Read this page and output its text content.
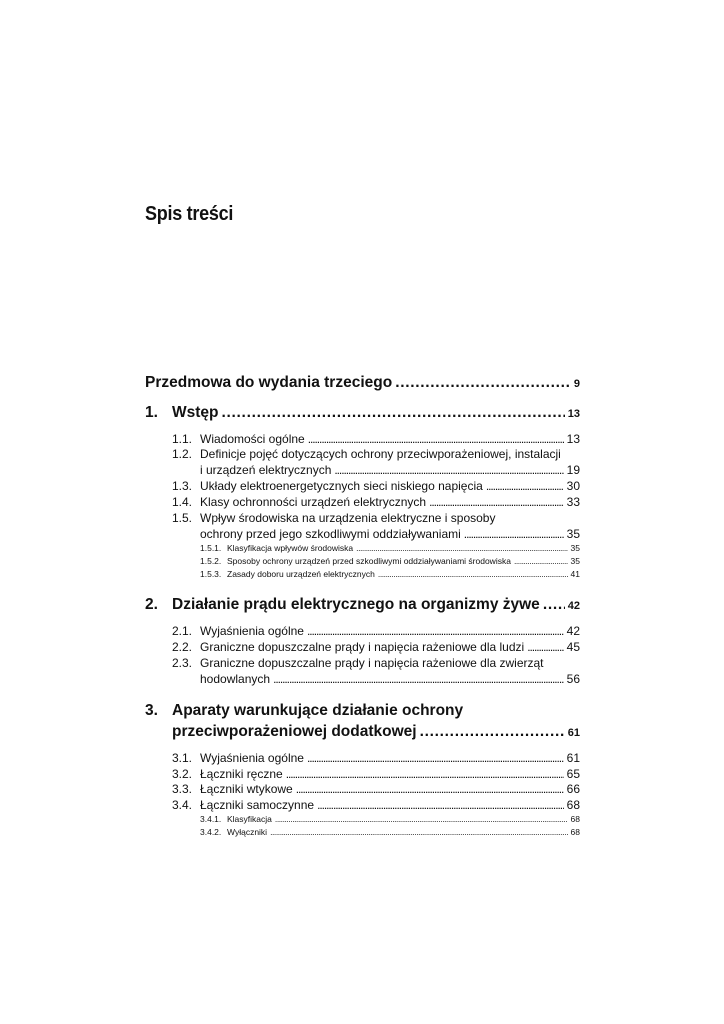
Spis treści
Przedmowa do wydania trzeciego . . .	9
1. Wstęp . . .	13
1.1. Wiadomości ogólne . . .	13
1.2. Definicje pojęć dotyczących ochrony przeciwporażeniowej, instalacji
i urządzeń elektrycznych . . .	19
1.3. Układy elektroenergetycznych sieci niskiego napięcia . . .	30
1.4. Klasy ochronności urządzeń elektrycznych . . .	33
1.5. Wpływ środowiska na urządzenia elektryczne i sposoby
ochrony przed jego szkodliwymi oddziaływaniami . . .	35
1.5.1. Klasyfikacja wpływów środowiska . . .	35
1.5.2. Sposoby ochrony urządzeń przed szkodliwymi oddziaływaniami środowiska . . .	35
1.5.3. Zasady doboru urządzeń elektrycznych . . .	41
2. Działanie prądu elektrycznego na organizmy żywe . . .	42
2.1. Wyjaśnienia ogólne . . .	42
2.2. Graniczne dopuszczalne prądy i napięcia rażeniowe dla ludzi . . .	45
2.3. Graniczne dopuszczalne prądy i napięcia rażeniowe dla zwierząt
hodowlanych . . .	56
3. Aparaty warunkujące działanie ochrony
przeciwporażeniowej dodatkowej . . .	61
3.1. Wyjaśnienia ogólne . . .	61
3.2. Łączniki ręczne . . .	65
3.3. Łączniki wtykowe . . .	66
3.4. Łączniki samoczynne . . .	68
3.4.1. Klasyfikacja . . .	68
3.4.2. Wyłączniki . . .	68
